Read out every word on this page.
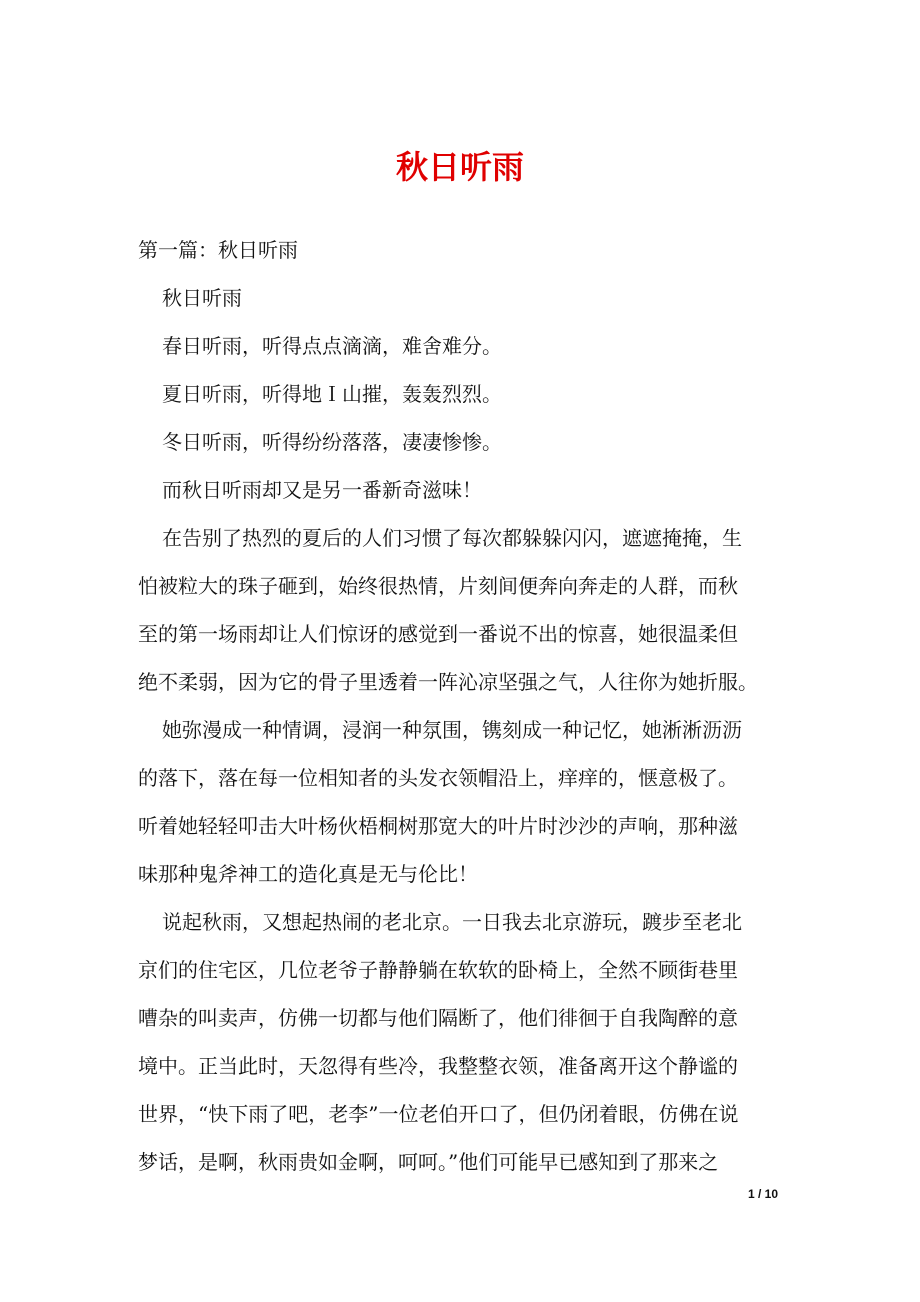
秋日听雨
第一篇：秋日听雨
秋日听雨
春日听雨，听得点点滴滴，难舍难分。
夏日听雨，听得地Ｉ山摧，轰轰烈烈。
冬日听雨，听得纷纷落落，凄凄惨惨。
而秋日听雨却又是另一番新奇滋味！
在告别了热烈的夏后的人们习惯了每次都躲躲闪闪，遮遮掩掩，生
怕被粒大的珠子砸到，始终很热情，片刻间便奔向奔走的人群，而秋
至的第一场雨却让人们惊讶的感觉到一番说不出的惊喜，她很温柔但
绝不柔弱，因为它的骨子里透着一阵沁凉坚强之气，人往你为她折服。
她弥漫成一种情调，浸润一种氛围，镌刻成一种记忆，她淅淅沥沥
的落下，落在每一位相知者的头发衣领帽沿上，痒痒的，惬意极了。
听着她轻轻叩击大叶杨伙梧桐树那宽大的叶片时沙沙的声响，那种滋
味那种鬼斧神工的造化真是无与伦比！
说起秋雨，又想起热闹的老北京。一日我去北京游玩，踱步至老北
京们的住宅区，几位老爷子静静躺在软软的卧椅上，全然不顾街巷里
嘈杂的叫卖声，仿佛一切都与他们隔断了，他们徘徊于自我陶醉的意
境中。正当此时，天忽得有些冷，我整整衣领，准备离开这个静谧的
世界，“快下雨了吧，老李”一位老伯开口了，但仍闭着眼，仿佛在说
梦话，是啊，秋雨贵如金啊，呵呵。”他们可能早已感知到了那来之
1 / 10
